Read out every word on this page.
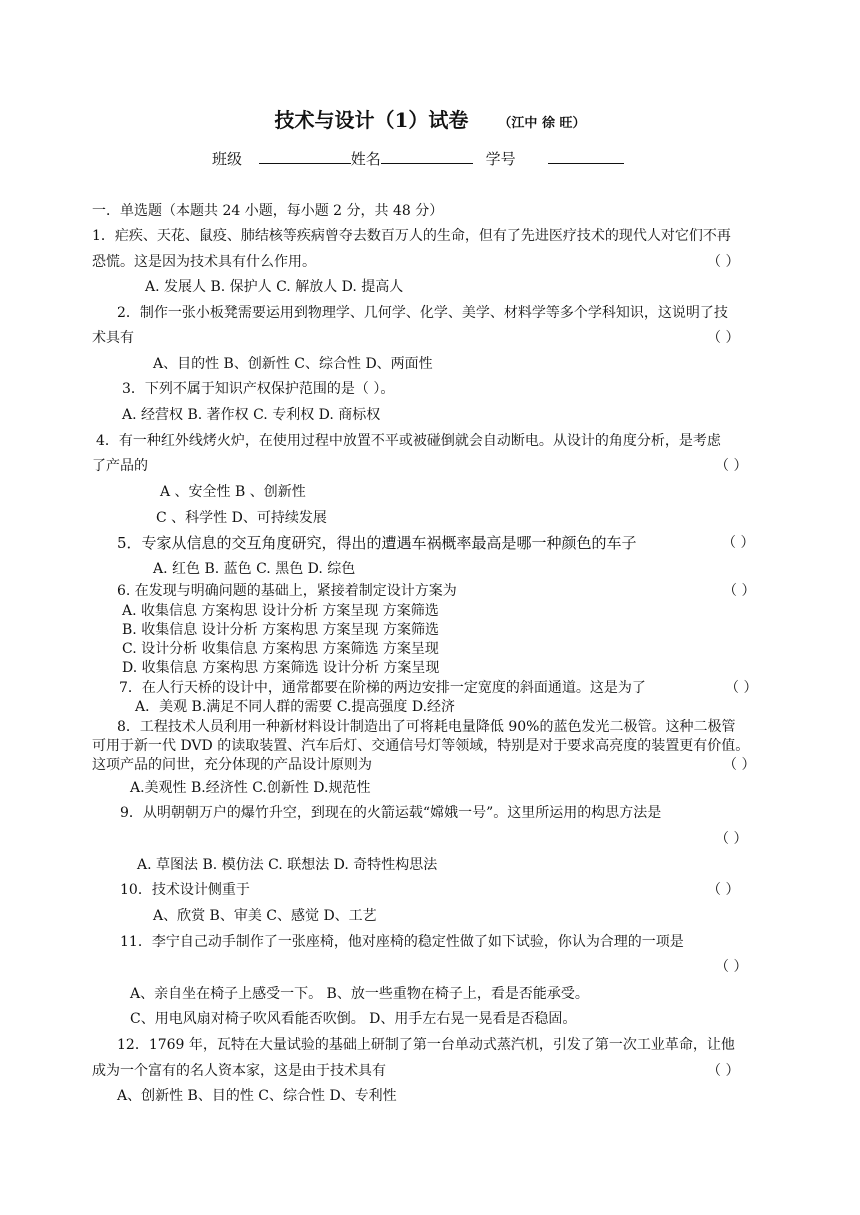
技术与设计（1）试卷 （江中 徐 旺）
班级	姓名	学号
一．单选题（本题共 24 小题，每小题 2 分，共 48 分）
1．疟疾、天花、鼠疫、肺结核等疾病曾夺去数百万人的生命，但有了先进医疗技术的现代人对它们不再
恐慌。这是因为技术具有什么作用。	（ ）
A. 发展人 B. 保护人 C. 解放人 D. 提高人
2．制作一张小板凳需要运用到物理学、几何学、化学、美学、材料学等多个学科知识，这说明了技
术具有	（ ）
A、目的性 B、创新性 C、综合性 D、两面性
3．下列不属于知识产权保护范围的是（ ）。
A. 经营权 B. 著作权 C. 专利权 D. 商标权
4．有一种红外线烤火炉，在使用过程中放置不平或被碰倒就会自动断电。从设计的角度分析，是考虑
了产品的	（ ）
A 、安全性 B 、创新性
C 、科学性 D、可持续发展
5．专家从信息的交互角度研究，得出的遭遇车祸概率最高是哪一种颜色的车子	（ ）
A. 红色 B. 蓝色 C. 黑色 D. 综色
6. 在发现与明确问题的基础上，紧接着制定设计方案为	（ ）
A. 收集信息 方案构思 设计分析 方案呈现 方案筛选
B. 收集信息 设计分析 方案构思 方案呈现 方案筛选
C. 设计分析 收集信息 方案构思 方案筛选 方案呈现
D. 收集信息 方案构思 方案筛选 设计分析 方案呈现
7．在人行天桥的设计中，通常都要在阶梯的两边安排一定宽度的斜面通道。这是为了	（ ）
A．美观 B.满足不同人群的需要 C.提高强度 D.经济
8．工程技术人员利用一种新材料设计制造出了可将耗电量降低 90%的蓝色发光二极管。这种二极管
可用于新一代 DVD 的读取装置、汽车后灯、交通信号灯等领域，特别是对于要求高亮度的装置更有价值。
这项产品的问世，充分体现的产品设计原则为	（ ）
A.美观性 B.经济性 C.创新性 D.规范性
9．从明朝朝万户的爆竹升空，到现在的火箭运载“嫦娥一号”。这里所运用的构思方法是
（ ）
A. 草图法 B. 模仿法 C. 联想法 D. 奇特性构思法
10．技术设计侧重于	（ ）
A、欣赏 B、审美 C、感觉 D、工艺
11．李宁自己动手制作了一张座椅，他对座椅的稳定性做了如下试验，你认为合理的一项是
（ ）
A、亲自坐在椅子上感受一下。 B、放一些重物在椅子上，看是否能承受。
C、用电风扇对椅子吹风看能否吹倒。 D、用手左右晃一晃看是否稳固。
12．1769 年，瓦特在大量试验的基础上研制了第一台单动式蒸汽机，引发了第一次工业革命，让他
成为一个富有的名人资本家，这是由于技术具有	（ ）
A、创新性 B、目的性 C、综合性 D、专利性
